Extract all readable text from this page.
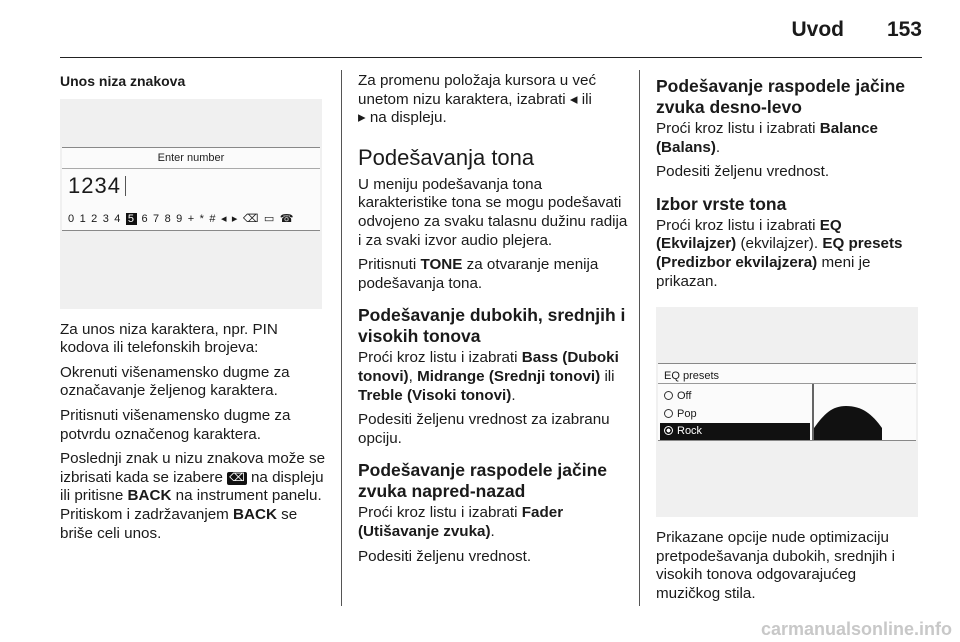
Uvod 153

Unos niza znakova

Enter number
1234
0 1 2 3 4 5 6 7 8 9 + * # ◂ ▸ ⌫ ▭ ☎

Za unos niza karaktera, npr. PIN kodova ili telefonskih brojeva:

Okrenuti višenamensko dugme za označavanje željenog karaktera.

Pritisnuti višenamensko dugme za potvrdu označenog karaktera.

Poslednji znak u nizu znakova može se izbrisati kada se izabere ⌫ na displeju ili pritisne BACK na instrument panelu. Pritiskom i zadržavanjem BACK se briše celi unos.

Za promenu položaja kursora u već unetom nizu karaktera, izabrati ◂ ili
▸ na displeju.

Podešavanja tona

U meniju podešavanja tona karakteristike tona se mogu podešavati odvojeno za svaku talasnu dužinu radija i za svaki izvor audio plejera.

Pritisnuti TONE za otvaranje menija podešavanja tona.

Podešavanje dubokih, srednjih i visokih tonova

Proći kroz listu i izabrati Bass (Duboki tonovi), Midrange (Srednji tonovi) ili Treble (Visoki tonovi).

Podesiti željenu vrednost za izabranu opciju.

Podešavanje raspodele jačine zvuka napred-nazad

Proći kroz listu i izabrati Fader (Utišavanje zvuka).

Podesiti željenu vrednost.

Podešavanje raspodele jačine zvuka desno-levo

Proći kroz listu i izabrati Balance (Balans).

Podesiti željenu vrednost.

Izbor vrste tona

Proći kroz listu i izabrati EQ (Ekvilajzer) (ekvilajzer). EQ presets (Predizbor ekvilajzera) meni je prikazan.

EQ presets
Off
Pop
Rock

Prikazane opcije nude optimizaciju pretpodešavanja dubokih, srednjih i visokih tonova odgovarajućeg muzičkog stila.

carmanualsonline.info
